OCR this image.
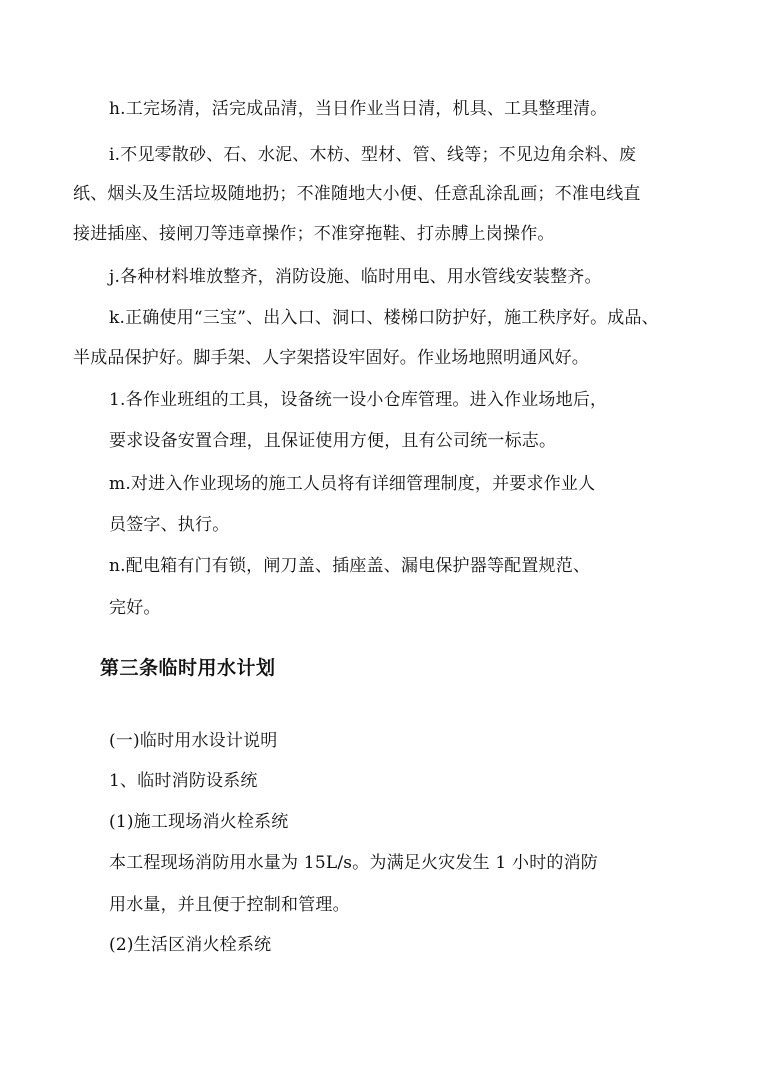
h.工完场清，活完成品清，当日作业当日清，机具、工具整理清。
i.不见零散砂、石、水泥、木枋、型材、管、线等；不见边角余料、废
纸、烟头及生活垃圾随地扔；不准随地大小便、任意乱涂乱画；不准电线直
接进插座、接闸刀等违章操作；不准穿拖鞋、打赤膊上岗操作。
j.各种材料堆放整齐，消防设施、临时用电、用水管线安装整齐。
k.正确使用“三宝”、出入口、洞口、楼梯口防护好，施工秩序好。成品、
半成品保护好。脚手架、人字架搭设牢固好。作业场地照明通风好。
1.各作业班组的工具，设备统一设小仓库管理。进入作业场地后，
要求设备安置合理，且保证使用方便，且有公司统一标志。
m.对进入作业现场的施工人员将有详细管理制度，并要求作业人
员签字、执行。
n.配电箱有门有锁，闸刀盖、插座盖、漏电保护器等配置规范、
完好。
第三条临时用水计划
(一)临时用水设计说明
1、临时消防设系统
(1)施工现场消火栓系统
本工程现场消防用水量为 15L/s。为满足火灾发生 1 小时的消防
用水量，并且便于控制和管理。
(2)生活区消火栓系统
